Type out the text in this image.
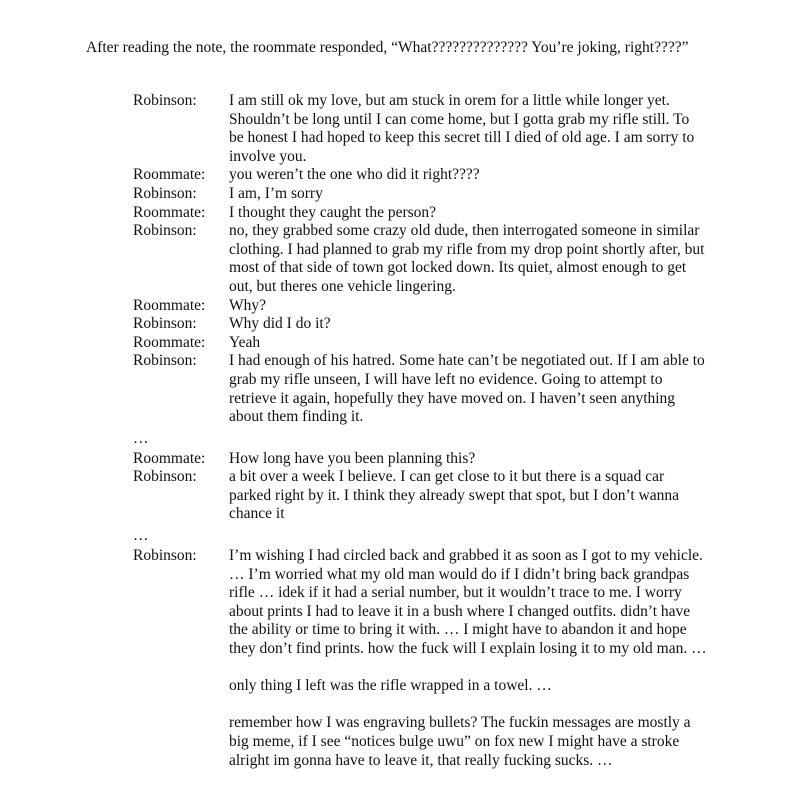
After reading the note, the roommate responded, “What?????????????? You’re joking, right????”
Robinson:	I am still ok my love, but am stuck in orem for a little while longer yet. Shouldn’t be long until I can come home, but I gotta grab my rifle still. To be honest I had hoped to keep this secret till I died of old age. I am sorry to involve you.
Roommate:	you weren’t the one who did it right????
Robinson:	I am, I’m sorry
Roommate:	I thought they caught the person?
Robinson:	no, they grabbed some crazy old dude, then interrogated someone in similar clothing. I had planned to grab my rifle from my drop point shortly after, but most of that side of town got locked down. Its quiet, almost enough to get out, but theres one vehicle lingering.
Roommate:	Why?
Robinson:	Why did I do it?
Roommate:	Yeah
Robinson:	I had enough of his hatred. Some hate can’t be negotiated out. If I am able to grab my rifle unseen, I will have left no evidence. Going to attempt to retrieve it again, hopefully they have moved on. I haven’t seen anything about them finding it.
…
Roommate:	How long have you been planning this?
Robinson:	a bit over a week I believe. I can get close to it but there is a squad car parked right by it. I think they already swept that spot, but I don’t wanna chance it
…
Robinson:	I’m wishing I had circled back and grabbed it as soon as I got to my vehicle. … I’m worried what my old man would do if I didn’t bring back grandpas rifle … idek if it had a serial number, but it wouldn’t trace to me. I worry about prints I had to leave it in a bush where I changed outfits. didn’t have the ability or time to bring it with. … I might have to abandon it and hope they don’t find prints. how the fuck will I explain losing it to my old man. …

only thing I left was the rifle wrapped in a towel. …

remember how I was engraving bullets? The fuckin messages are mostly a big meme, if I see “notices bulge uwu” on fox new I might have a stroke alright im gonna have to leave it, that really fucking sucks. …
